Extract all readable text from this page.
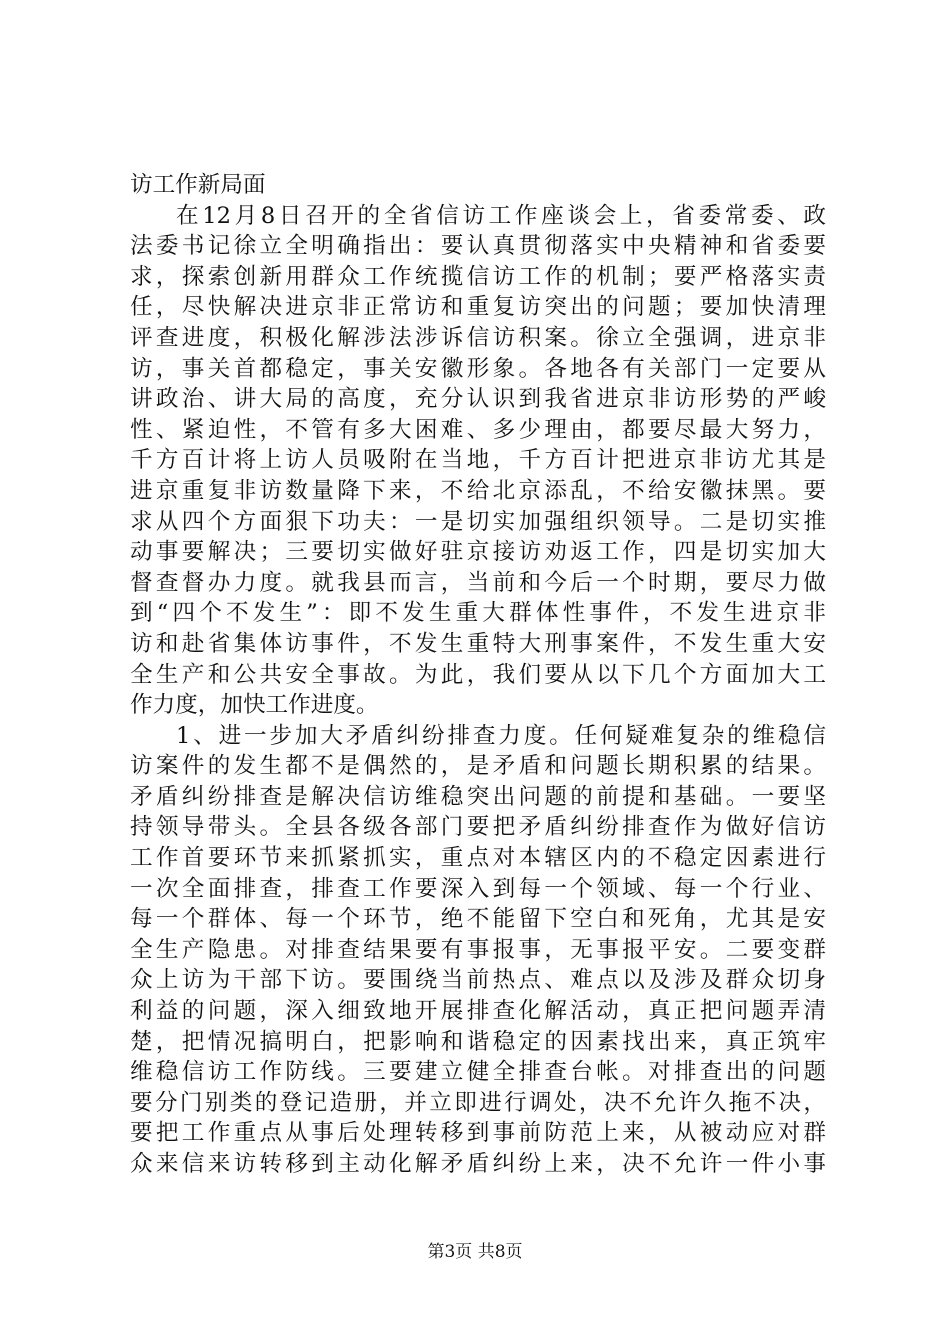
访工作新局面
在12月8日召开的全省信访工作座谈会上，省委常委、政
法委书记徐立全明确指出：要认真贯彻落实中央精神和省委要
求，探索创新用群众工作统揽信访工作的机制；要严格落实责
任，尽快解决进京非正常访和重复访突出的问题；要加快清理
评查进度，积极化解涉法涉诉信访积案。徐立全强调，进京非
访，事关首都稳定，事关安徽形象。各地各有关部门一定要从
讲政治、讲大局的高度，充分认识到我省进京非访形势的严峻
性、紧迫性，不管有多大困难、多少理由，都要尽最大努力，
千方百计将上访人员吸附在当地，千方百计把进京非访尤其是
进京重复非访数量降下来，不给北京添乱，不给安徽抹黑。要
求从四个方面狠下功夫：一是切实加强组织领导。二是切实推
动事要解决；三要切实做好驻京接访劝返工作，四是切实加大
督查督办力度。就我县而言，当前和今后一个时期，要尽力做
到“四个不发生”：即不发生重大群体性事件，不发生进京非
访和赴省集体访事件，不发生重特大刑事案件，不发生重大安
全生产和公共安全事故。为此，我们要从以下几个方面加大工
作力度，加快工作进度。
1、进一步加大矛盾纠纷排查力度。任何疑难复杂的维稳信
访案件的发生都不是偶然的，是矛盾和问题长期积累的结果。
矛盾纠纷排查是解决信访维稳突出问题的前提和基础。一要坚
持领导带头。全县各级各部门要把矛盾纠纷排查作为做好信访
工作首要环节来抓紧抓实，重点对本辖区内的不稳定因素进行
一次全面排查，排查工作要深入到每一个领域、每一个行业、
每一个群体、每一个环节，绝不能留下空白和死角，尤其是安
全生产隐患。对排查结果要有事报事，无事报平安。二要变群
众上访为干部下访。要围绕当前热点、难点以及涉及群众切身
利益的问题，深入细致地开展排查化解活动，真正把问题弄清
楚，把情况搞明白，把影响和谐稳定的因素找出来，真正筑牢
维稳信访工作防线。三要建立健全排查台帐。对排查出的问题
要分门别类的登记造册，并立即进行调处，决不允许久拖不决，
要把工作重点从事后处理转移到事前防范上来，从被动应对群
众来信来访转移到主动化解矛盾纠纷上来，决不允许一件小事
第3页 共8页
